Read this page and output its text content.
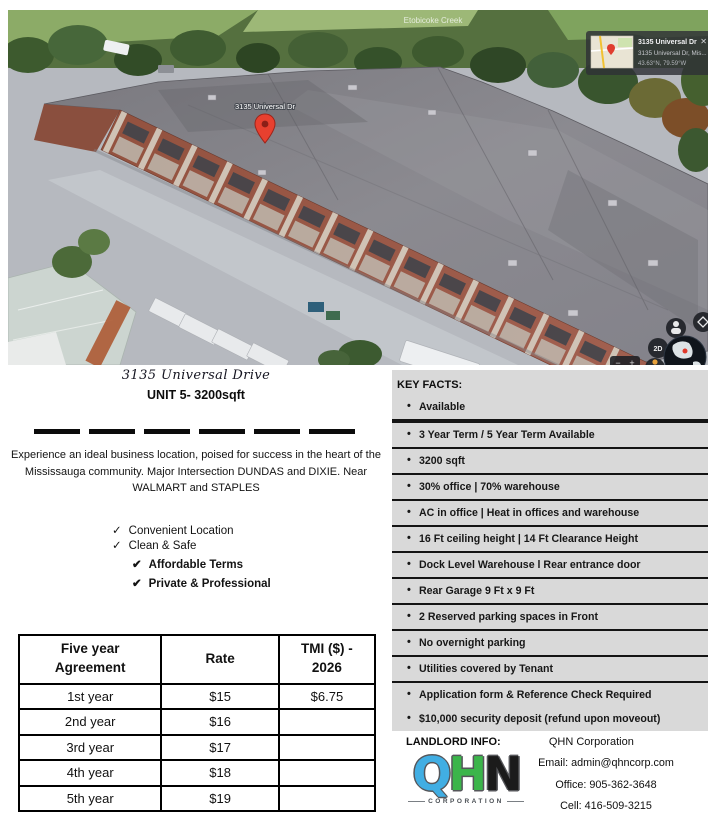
Etobicoke Creek
3135 Universal Dr
3135 Universal Dr
3135 Universal Dr, Mis...
43.63°N, 79.59°W
✕
2D
− +
3135 Universal Drive
UNIT 5- 3200sqft

Experience an ideal business location, poised for success in the heart of the Mississauga community. Major Intersection DUNDAS and DIXIE. Near WALMART and STAPLES

✓ Convenient Location
✓ Clean & Safe
✔ Affordable Terms
✔ Private & Professional
Five year Agreement	Rate	TMI ($) - 2026
1st year	$15	$6.75
2nd year	$16	
3rd year	$17	
4th year	$18	
5th year	$19	
KEY FACTS:
• Available
• 3 Year Term / 5 Year Term Available
• 3200 sqft
• 30% office | 70% warehouse
• AC in office | Heat in offices and warehouse
• 16 Ft ceiling height | 14 Ft Clearance Height
• Dock Level Warehouse l Rear entrance door
• Rear Garage 9 Ft x 9 Ft
• 2 Reserved parking spaces in Front
• No overnight parking
• Utilities covered by Tenant
• Application form & Reference Check Required
• $10,000 security deposit (refund upon moveout)
LANDLORD INFO:	QHN Corporation
QHN
CORPORATION
Email: admin@qhncorp.com
Office: 905-362-3648
Cell: 416-509-3215
